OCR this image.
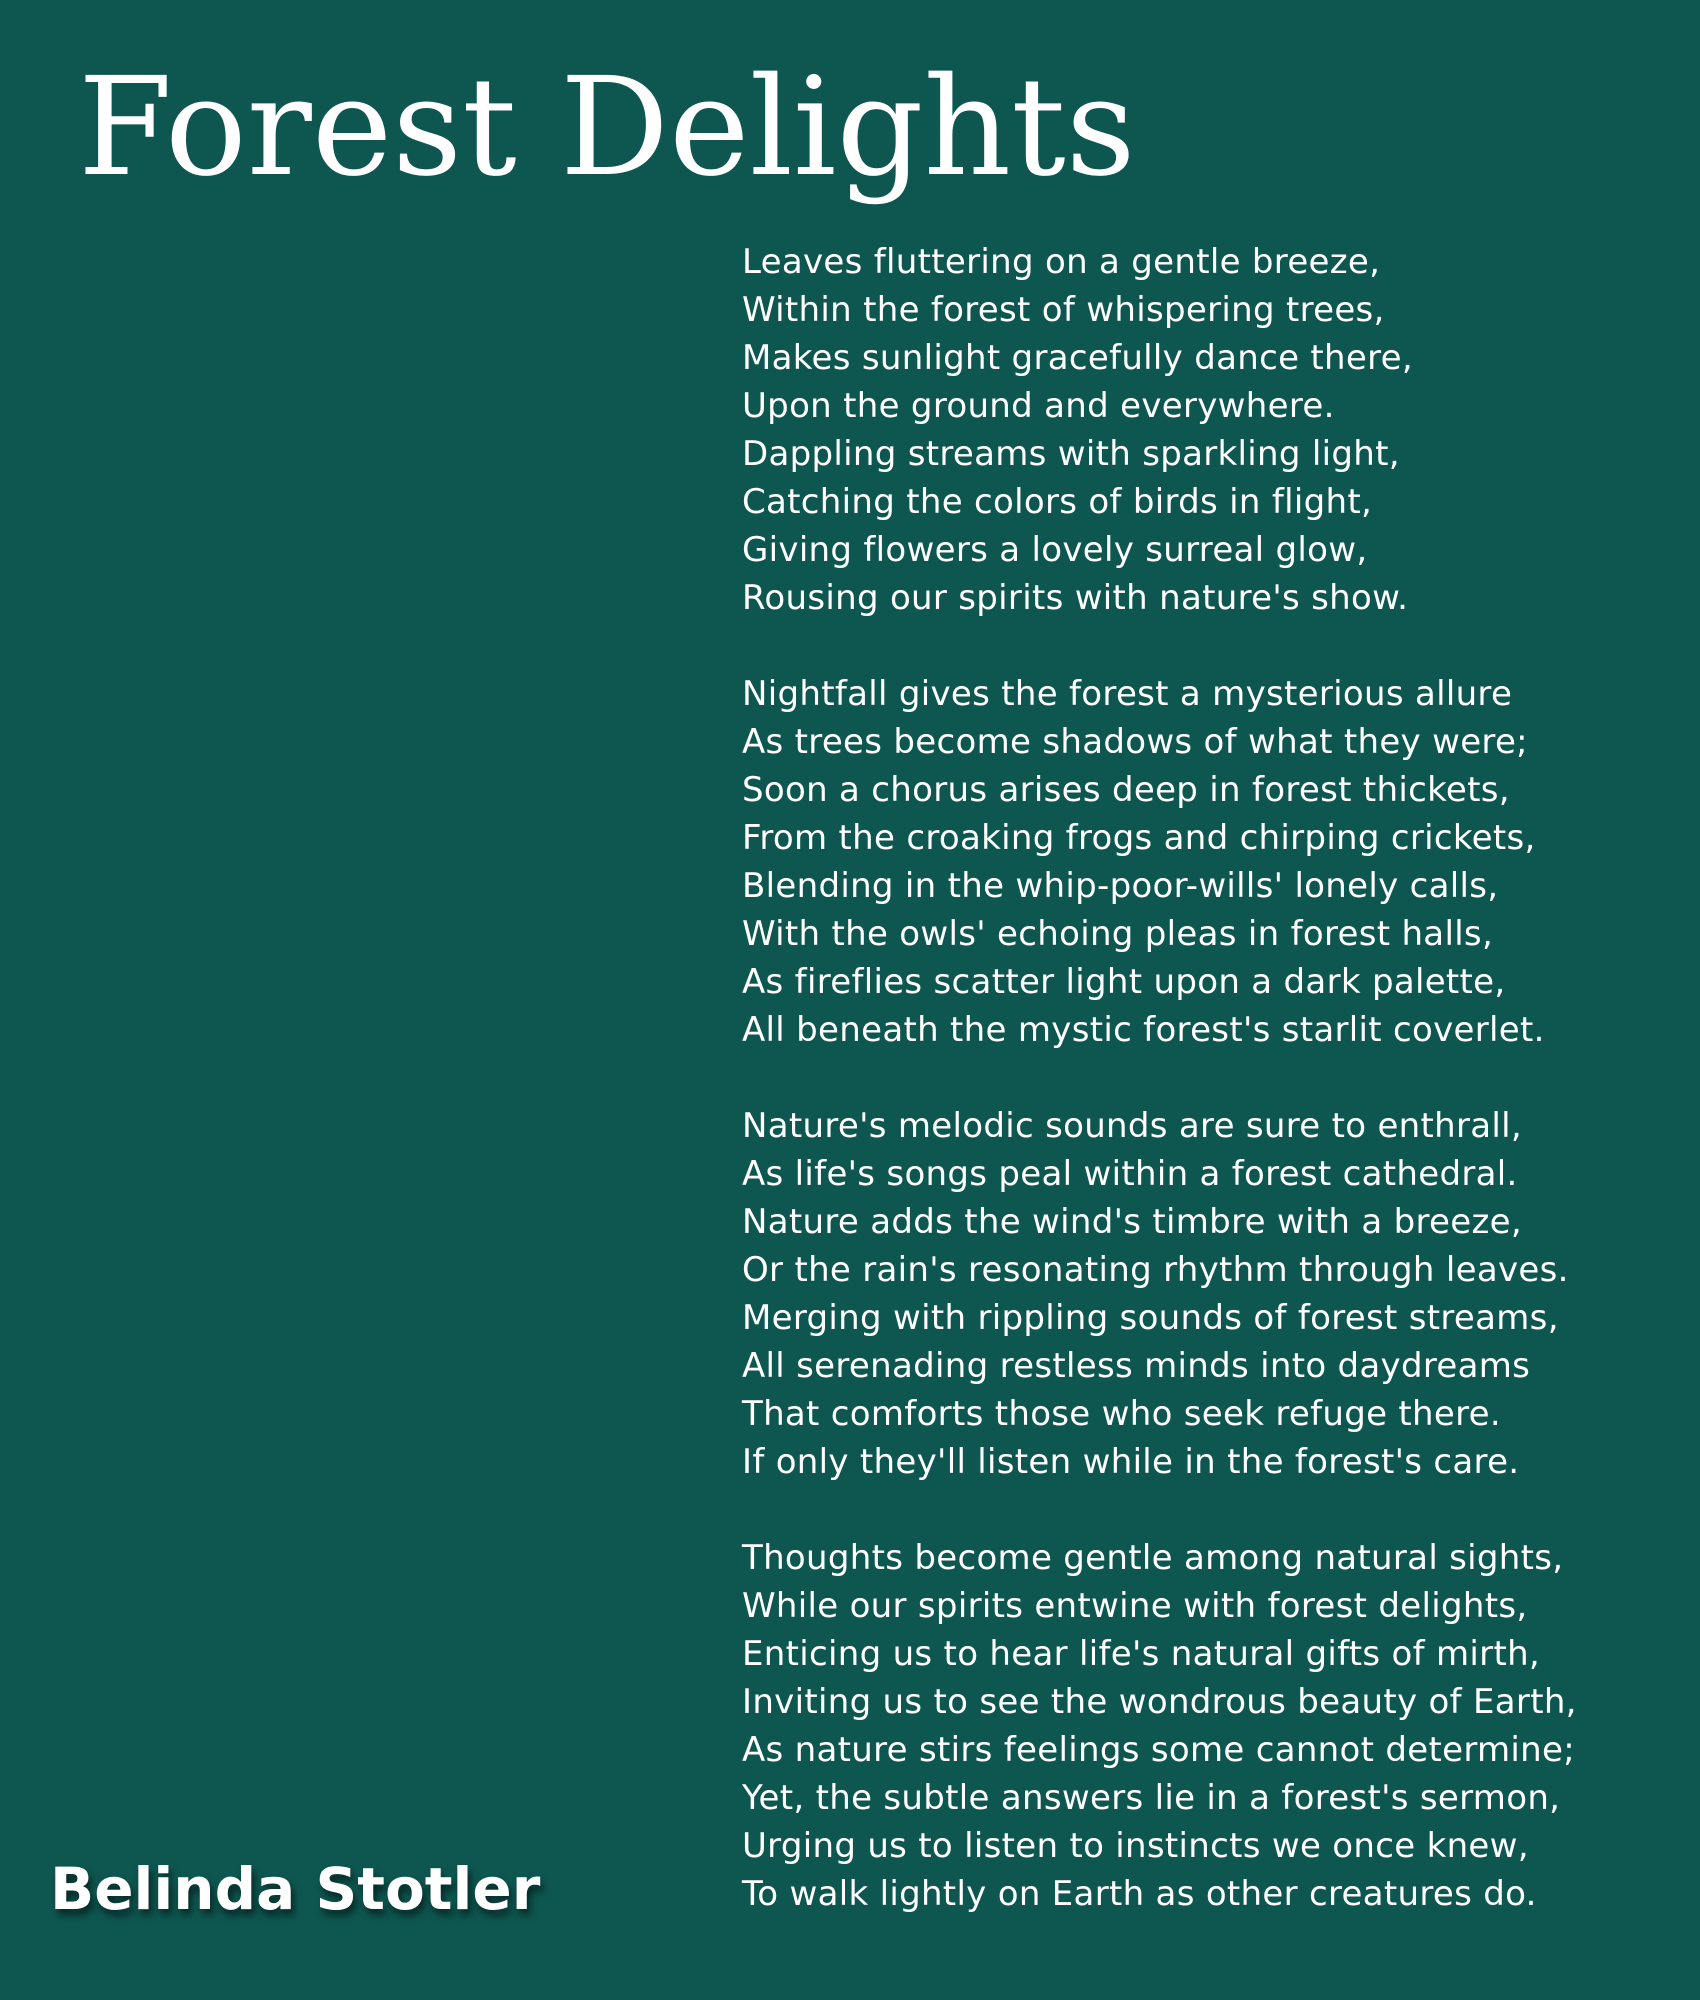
Forest Delights
Leaves fluttering on a gentle breeze,
Within the forest of whispering trees,
Makes sunlight gracefully dance there,
Upon the ground and everywhere.
Dappling streams with sparkling light,
Catching the colors of birds in flight,
Giving flowers a lovely surreal glow,
Rousing our spirits with nature's show.
Nightfall gives the forest a mysterious allure
As trees become shadows of what they were;
Soon a chorus arises deep in forest thickets,
From the croaking frogs and chirping crickets,
Blending in the whip-poor-wills' lonely calls,
With the owls' echoing pleas in forest halls,
As fireflies scatter light upon a dark palette,
All beneath the mystic forest's starlit coverlet.
Nature's melodic sounds are sure to enthrall,
As life's songs peal within a forest cathedral.
Nature adds the wind's timbre with a breeze,
Or the rain's resonating rhythm through leaves.
Merging with rippling sounds of forest streams,
All serenading restless minds into daydreams
That comforts those who seek refuge there.
If only they'll listen while in the forest's care.
Thoughts become gentle among natural sights,
While our spirits entwine with forest delights,
Enticing us to hear life's natural gifts of mirth,
Inviting us to see the wondrous beauty of Earth,
As nature stirs feelings some cannot determine;
Yet, the subtle answers lie in a forest's sermon,
Urging us to listen to instincts we once knew,
To walk lightly on Earth as other creatures do.
Belinda Stotler
